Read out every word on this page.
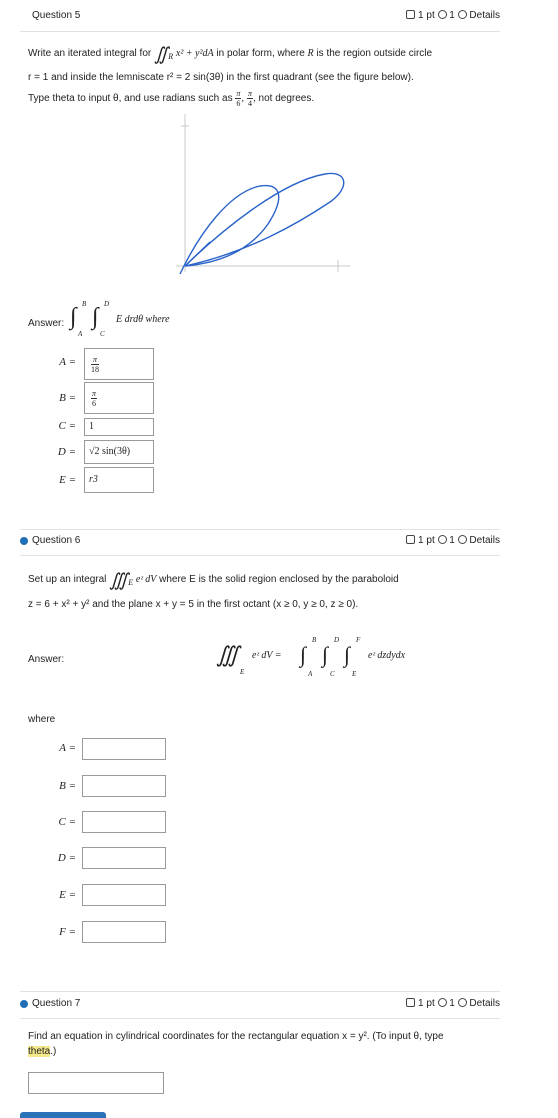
Question 5	1 pt 1 Details
Write an iterated integral for $∬_R$ x² + y²dA in polar form, where R is the region outside circle
r = 1 and inside the lemniscate r² = 2 sin(3θ) in the first quadrant (see the figure below).
Type theta to input θ, and use radians such as $\frac{\pi}{6}$ , $\frac{\pi}{4}$ , not degrees.
Answer: ∫ B
A
∫ D
C
E drdθ where
$A = \frac{\pi}{18}$
$B = \frac{\pi}{6}$
C = 1
D = √2 sin(3θ)
E = r3
Question 6	1 pt 1 Details
Set up an integral $∭_E$ eᶻ dV where E is the solid region enclosed by the paraboloid
z = 6 + x² + y² and the plane x + y = 5 in the first octant (x ≥ 0, y ≥ 0, z ≥ 0).
Answer:	∭
E
eᶻ dV = ∫
B
A
∫
D
C
∫
F
E
eᶻ dzdydx
where
A =
B =
C =
D =
E =
F =
Question 7	1 pt 1 Details
Find an equation in cylindrical coordinates for the rectangular equation x = y². (To input θ, type
theta.)
